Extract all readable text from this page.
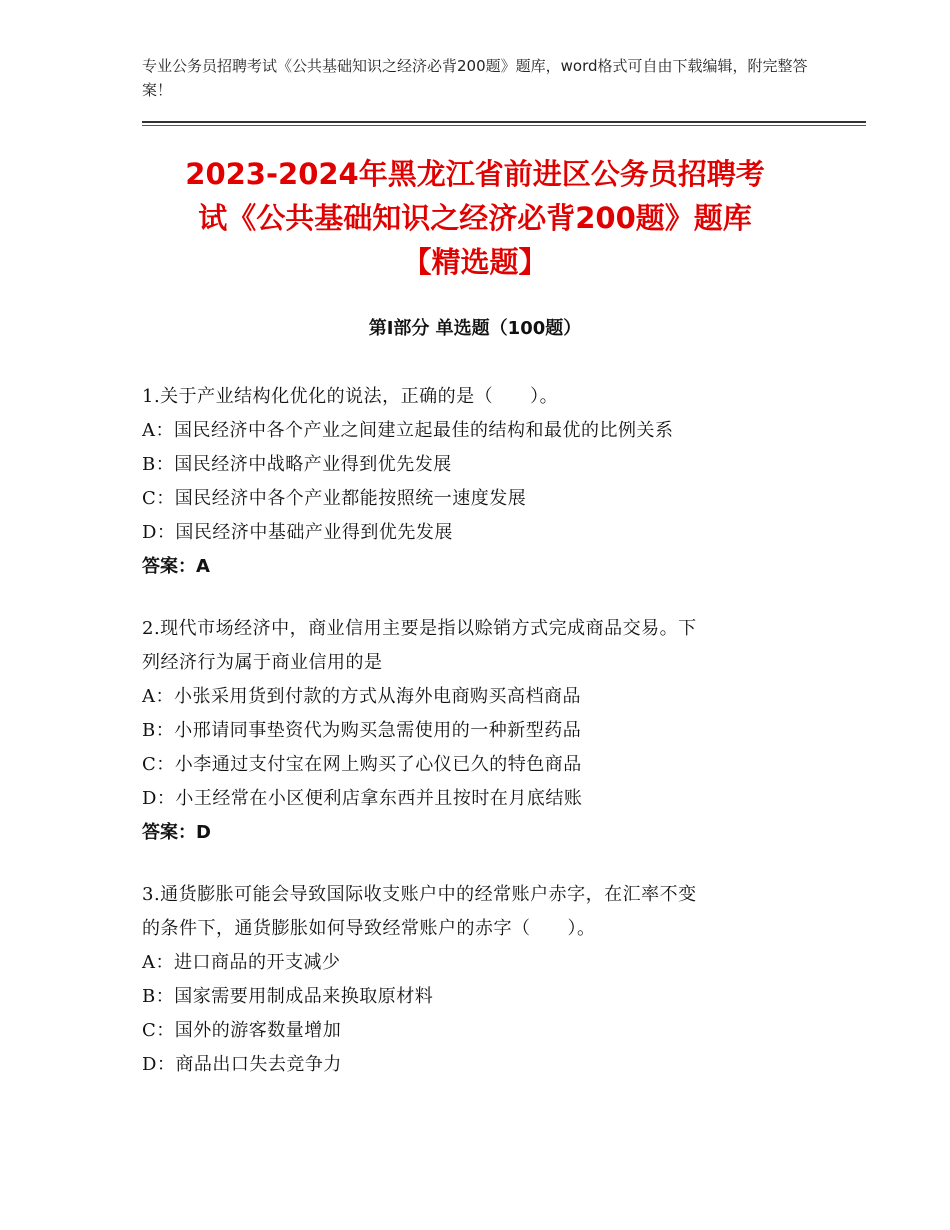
专业公务员招聘考试《公共基础知识之经济必背200题》题库，word格式可自由下载编辑，附完整答案！
2023-2024年黑龙江省前进区公务员招聘考
试《公共基础知识之经济必背200题》题库
【精选题】
第Ⅰ部分 单选题（100题）
1.关于产业结构化优化的说法，正确的是（　　）。
A：国民经济中各个产业之间建立起最佳的结构和最优的比例关系
B：国民经济中战略产业得到优先发展
C：国民经济中各个产业都能按照统一速度发展
D：国民经济中基础产业得到优先发展
答案：A
2.现代市场经济中，商业信用主要是指以赊销方式完成商品交易。下
列经济行为属于商业信用的是
A：小张采用货到付款的方式从海外电商购买高档商品
B：小邢请同事垫资代为购买急需使用的一种新型药品
C：小李通过支付宝在网上购买了心仪已久的特色商品
D：小王经常在小区便利店拿东西并且按时在月底结账
答案：D
3.通货膨胀可能会导致国际收支账户中的经常账户赤字，在汇率不变
的条件下，通货膨胀如何导致经常账户的赤字（　　）。
A：进口商品的开支减少
B：国家需要用制成品来换取原材料
C：国外的游客数量增加
D：商品出口失去竞争力
